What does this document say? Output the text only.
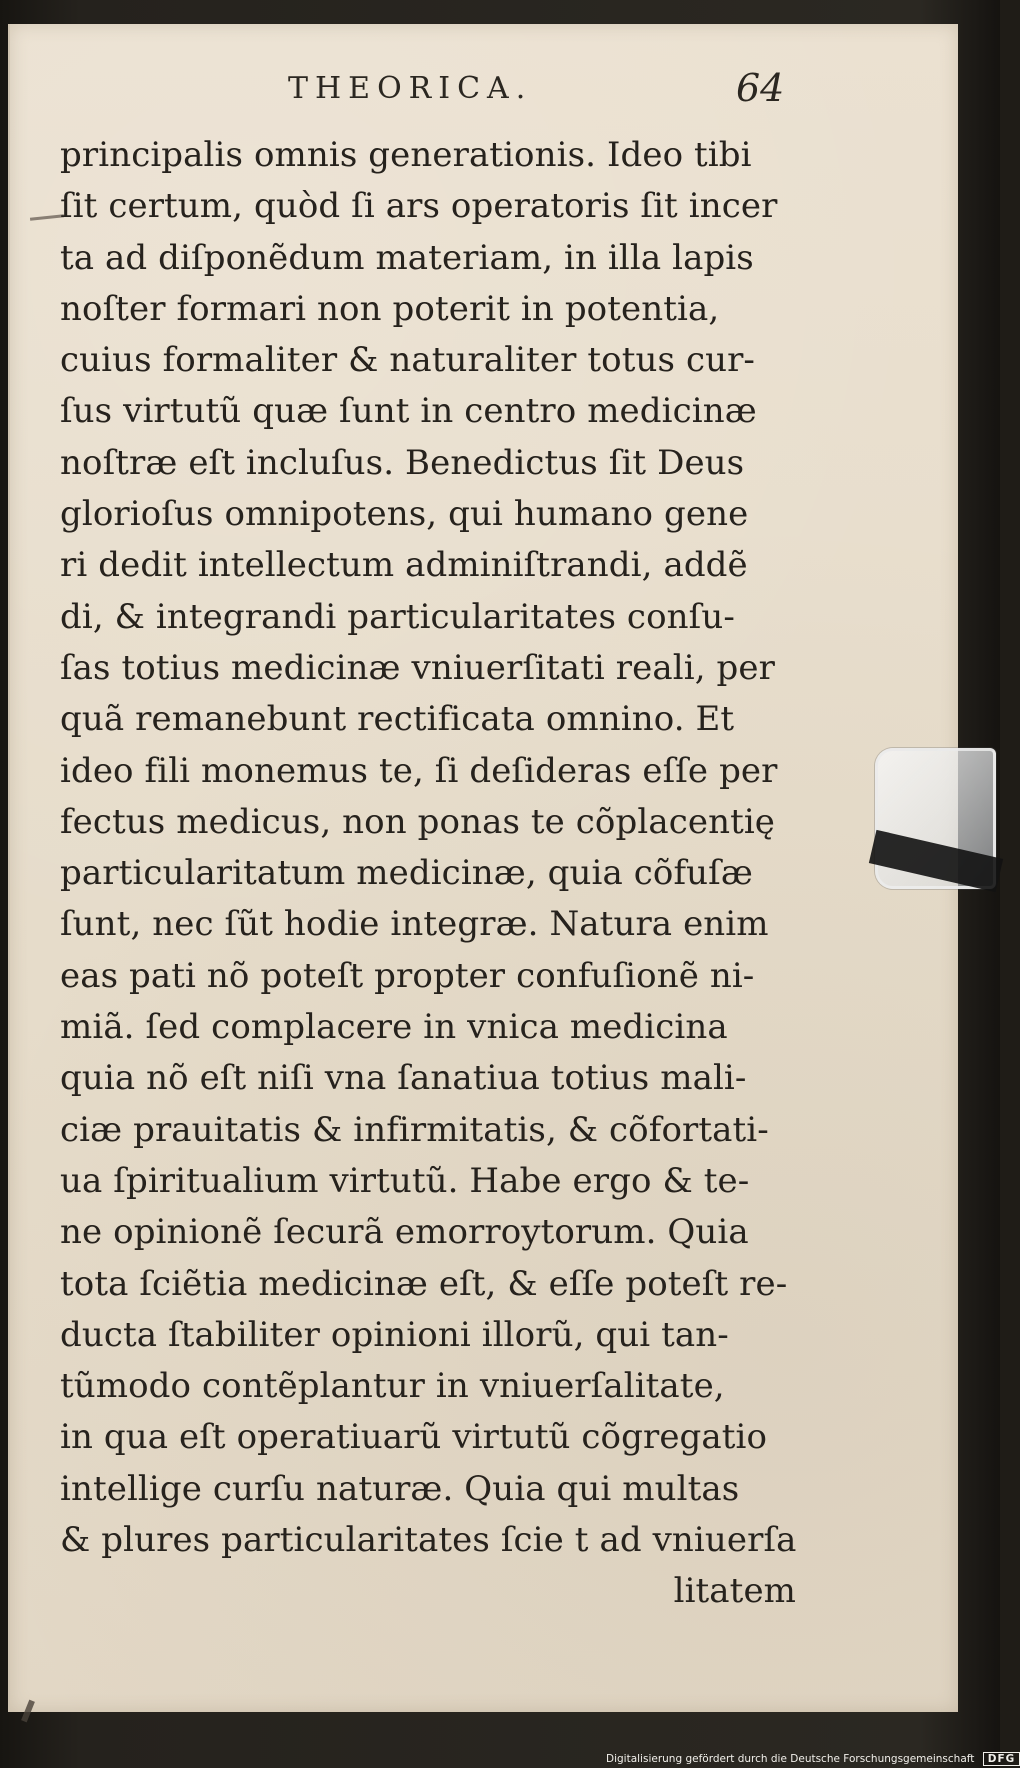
THEORICA.	64
principalis omnis generationis. Ideo tibi
ſit certum, quòd ſi ars operatoris ſit incer
ta ad diſponẽdum materiam, in illa lapis
noſter formari non poterit in potentia,
cuius formaliter & naturaliter totus cur-
ſus virtutũ quæ ſunt in centro medicinæ
noſtræ eſt incluſus. Benedictus ſit Deus
glorioſus omnipotens, qui humano gene
ri dedit intellectum adminiſtrandi, addẽ
di, & integrandi particularitates conſu-
ſas totius medicinæ vniuerſitati reali, per
quã remanebunt rectificata omnino. Et
ideo fili monemus te, ſi deſideras eſſe per
fectus medicus, non ponas te cõplacentię
particularitatum medicinæ, quia cõfuſæ
ſunt, nec ſũt hodie integræ. Natura enim
eas pati nõ poteſt propter confuſionẽ ni-
miã. ſed complacere in vnica medicina
quia nõ eſt niſi vna ſanatiua totius mali-
ciæ prauitatis & infirmitatis, & cõfortati-
ua ſpiritualium virtutũ. Habe ergo & te-
ne opinionẽ ſecurã emorroytorum. Quia
tota ſciẽtia medicinæ eſt, & eſſe poteſt re-
ducta ſtabiliter opinioni illorũ, qui tan-
tũmodo contẽplantur in vniuerſalitate,
in qua eſt operatiuarũ virtutũ cõgregatio
intellige curſu naturæ. Quia qui multas
& plures particularitates ſcie t ad vniuerſa
litatem
Digitalisierung gefördert durch die Deutsche Forschungsgemeinschaft DFG
